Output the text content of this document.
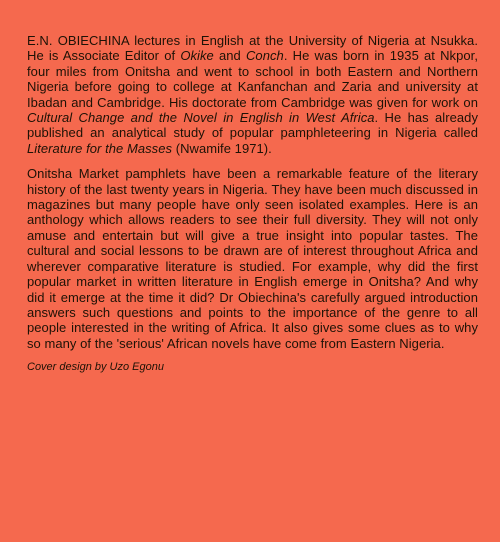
E.N. OBIECHINA lectures in English at the University of Nigeria at Nsukka. He is Associate Editor of Okike and Conch. He was born in 1935 at Nkpor, four miles from Onitsha and went to school in both Eastern and Northern Nigeria before going to college at Kanfanchan and Zaria and university at Ibadan and Cambridge. His doctorate from Cambridge was given for work on Cultural Change and the Novel in English in West Africa. He has already published an analytical study of popular pamphleteering in Nigeria called Literature for the Masses (Nwamife 1971).

Onitsha Market pamphlets have been a remarkable feature of the literary history of the last twenty years in Nigeria. They have been much discussed in magazines but many people have only seen isolated examples. Here is an anthology which allows readers to see their full diversity. They will not only amuse and entertain but will give a true insight into popular tastes. The cultural and social lessons to be drawn are of interest throughout Africa and wherever comparative literature is studied. For example, why did the first popular market in written literature in English emerge in Onitsha? And why did it emerge at the time it did? Dr Obiechina's carefully argued introduction answers such questions and points to the importance of the genre to all people interested in the writing of Africa. It also gives some clues as to why so many of the 'serious' African novels have come from Eastern Nigeria.

Cover design by Uzo Egonu
